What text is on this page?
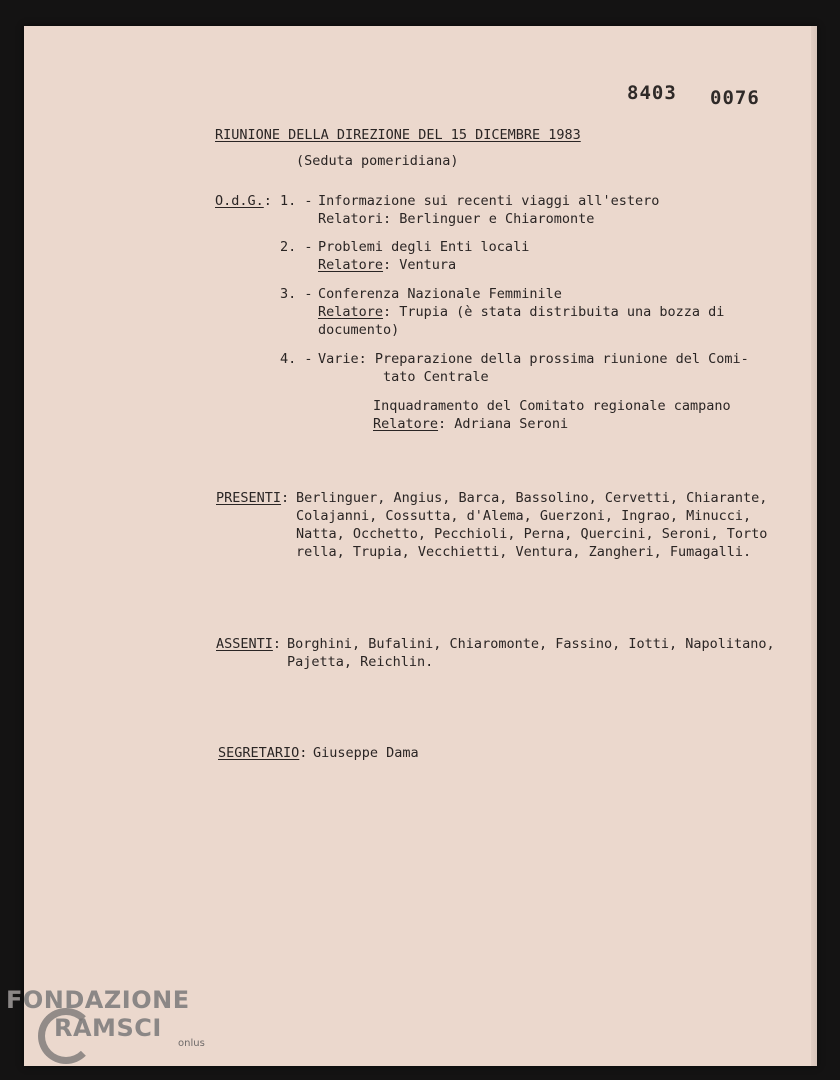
8403 0076
RIUNIONE DELLA DIREZIONE DEL 15 DICEMBRE 1983
(Seduta pomeridiana)
O.d.G.: 1. - Informazione sui recenti viaggi all'estero
Relatori: Berlinguer e Chiaromonte
2. - Problemi degli Enti locali
Relatore: Ventura
3. - Conferenza Nazionale Femminile
Relatore: Trupia (è stata distribuita una bozza di
documento)
4. - Varie: Preparazione della prossima riunione del Comi-
tato Centrale
Inquadramento del Comitato regionale campano
Relatore: Adriana Seroni
PRESENTI: Berlinguer, Angius, Barca, Bassolino, Cervetti, Chiarante,
Colajanni, Cossutta, d'Alema, Guerzoni, Ingrao, Minucci,
Natta, Occhetto, Pecchioli, Perna, Quercini, Seroni, Torto
rella, Trupia, Vecchietti, Ventura, Zangheri, Fumagalli.
ASSENTI: Borghini, Bufalini, Chiaromonte, Fassino, Iotti, Napolitano,
Pajetta, Reichlin.
SEGRETARIO: Giuseppe Dama
FONDAZIONE
RAMSCI
onlus
